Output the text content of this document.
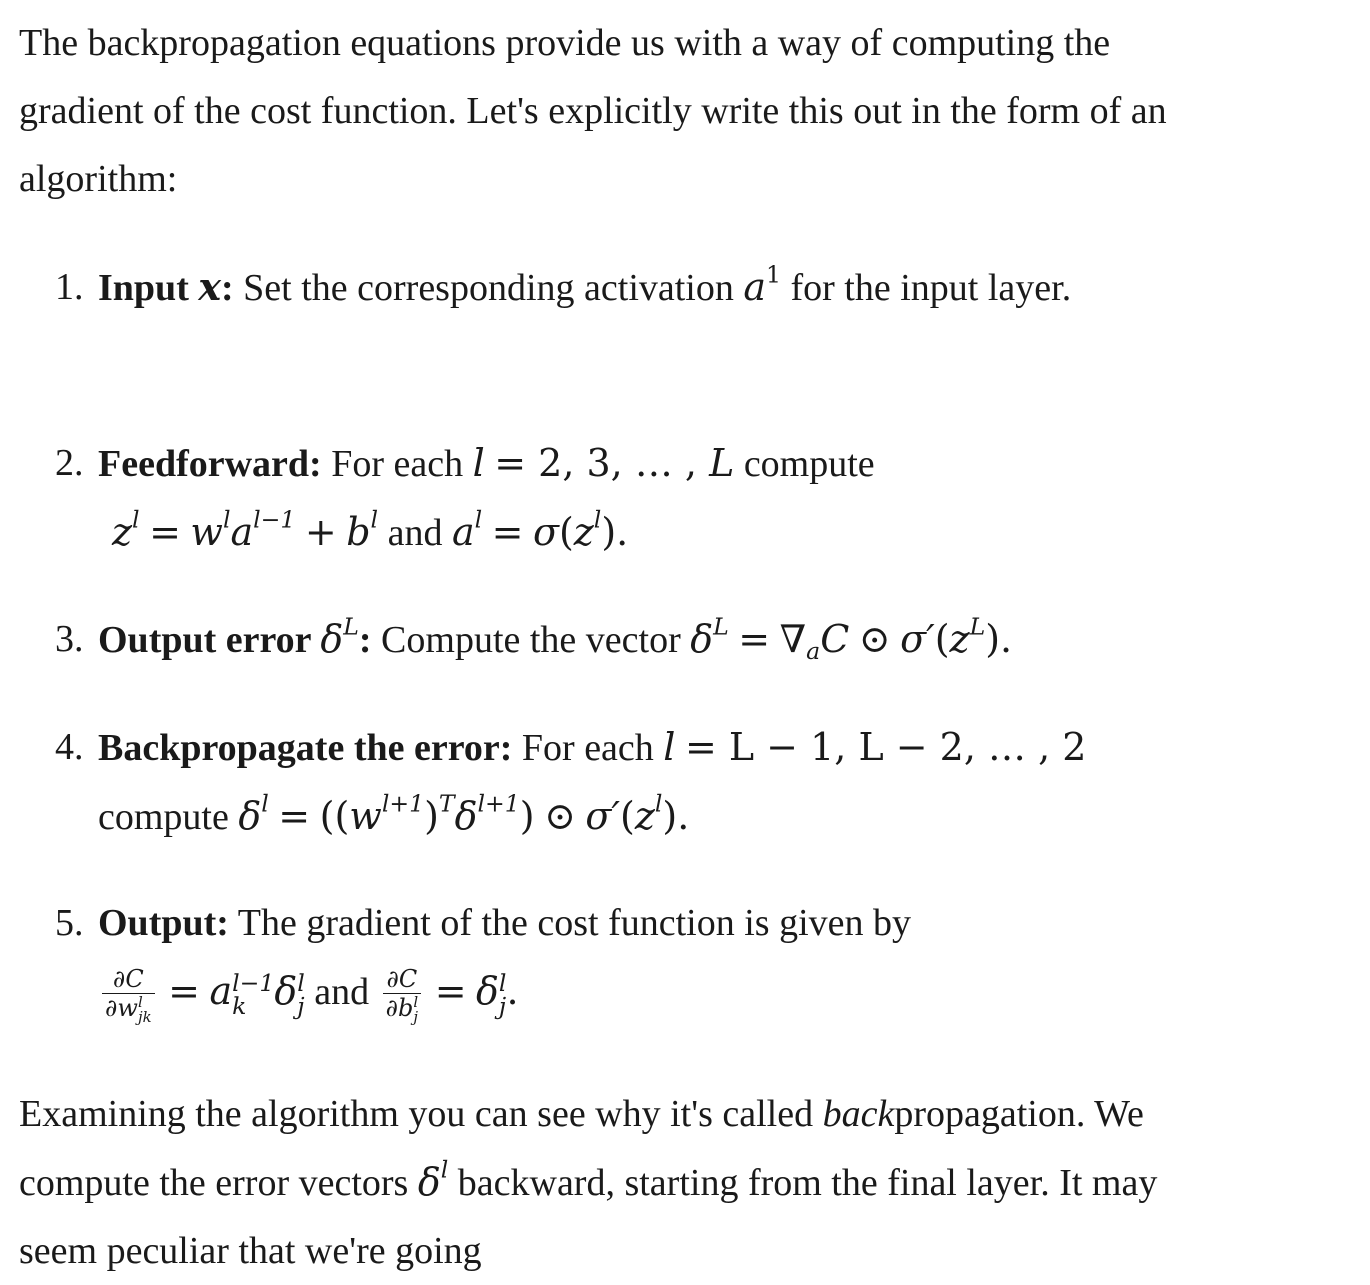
The backpropagation equations provide us with a way of computing the gradient of the cost function. Let's explicitly write this out in the form of an algorithm:

1. Input x: Set the corresponding activation $a^1$ for the input layer.
2. Feedforward: For each l = 2, 3, … , L compute
$z^l = w^la^{l-1} + b^l$ and $a^l = \sigma(z^l)$.
3. Output error $\delta^L$: Compute the vector $\delta^L = \nabla_aC$ ⊙ $\sigma'(z^L)$.
4. Backpropagate the error: For each l = L − 1, L − 2, … , 2
compute $\delta^l = ((w^{l+1})^T\delta^{l+1})$ ⊙ $\sigma'(z^l)$.
5. Output: The gradient of the cost function is given by
∂C
∂w l
jk = a l−1
k δ l
j and ∂C
∂b l
j = δ l
j .

Examining the algorithm you can see why it's called backpropagation. We compute the error vectors $\delta^l$ backward, starting from the final layer. It may seem peculiar that we're going
